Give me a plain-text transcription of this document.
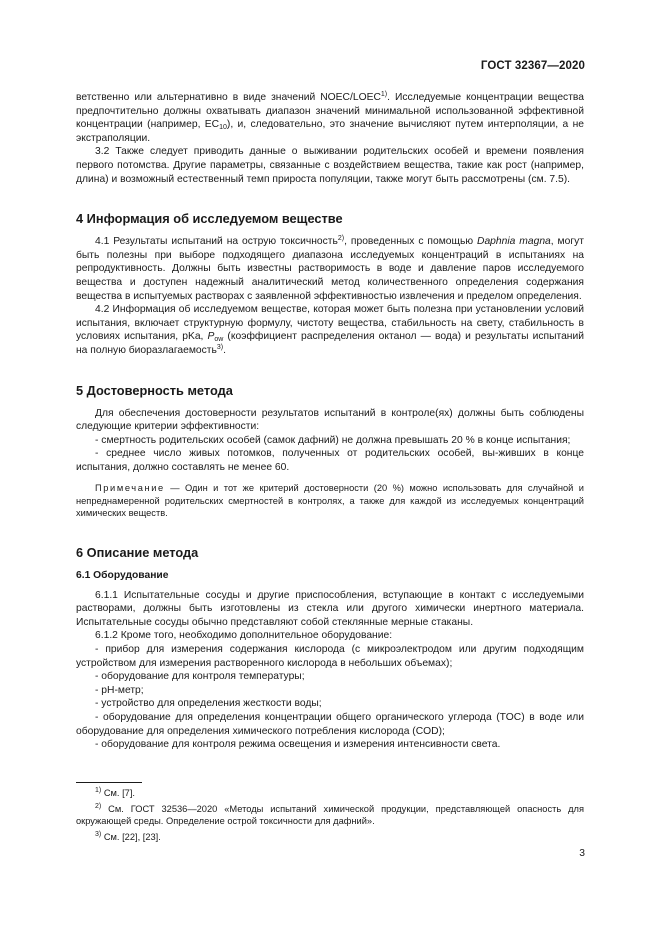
ГОСТ 32367—2020

ветственно или альтернативно в виде значений NOEC/LOEC$^{1)}$. Исследуемые концентрации вещества предпочтительно должны охватывать диапазон значений минимальной использованной эффективной концентрации (например, $EC_{10}$), и, следовательно, это значение вычисляют путем интерполяции, а не экстраполяции.

3.2 Также следует приводить данные о выживании родительских особей и времени появления первого потомства. Другие параметры, связанные с воздействием вещества, такие как рост (например, длина) и возможный естественный темп прироста популяции, также могут быть рассмотрены (см. 7.5).

4 Информация об исследуемом веществе

4.1 Результаты испытаний на острую токсичность$^{2)}$, проведенных с помощью Daphnia magna, могут быть полезны при выборе подходящего диапазона исследуемых концентраций в испытаниях на репродуктивность. Должны быть известны растворимость в воде и давление паров исследуемого вещества и доступен надежный аналитический метод количественного определения содержания вещества в испытуемых растворах с заявленной эффективностью извлечения и пределом определения.

4.2 Информация об исследуемом веществе, которая может быть полезна при установлении условий испытания, включает структурную формулу, чистоту вещества, стабильность на свету, стабильность в условиях испытания, pKa, $P_{ow}$ (коэффициент распределения октанол — вода) и результаты испытаний на полную биоразлагаемость$^{3)}$.

5 Достоверность метода

Для обеспечения достоверности результатов испытаний в контроле(ях) должны быть соблюдены следующие критерии эффективности:

- смертность родительских особей (самок дафний) не должна превышать 20 % в конце испытания;

- среднее число живых потомков, полученных от родительских особей, вы-живших в конце испытания, должно составлять не менее 60.

Примечание — Один и тот же критерий достоверности (20 %) можно использовать для случайной и непреднамеренной родительских смертностей в контролях, а также для каждой из исследуемых концентраций химических веществ.

6 Описание метода
6.1 Оборудование

6.1.1 Испытательные сосуды и другие приспособления, вступающие в контакт с исследуемыми растворами, должны быть изготовлены из стекла или другого химически инертного материала. Испытательные сосуды обычно представляют собой стеклянные мерные стаканы.

6.1.2 Кроме того, необходимо дополнительное оборудование:

- прибор для измерения содержания кислорода (с микроэлектродом или другим подходящим устройством для измерения растворенного кислорода в небольших объемах);

- оборудование для контроля температуры;

- pH-метр;

- устройство для определения жесткости воды;

- оборудование для определения концентрации общего органического углерода (TOC) в воде или оборудование для определения химического потребления кислорода (COD);

- оборудование для контроля режима освещения и измерения интенсивности света.

$^{1)}$ См. [7].

$^{2)}$ См. ГОСТ 32536—2020 «Методы испытаний химической продукции, представляющей опасность для окружающей среды. Определение острой токсичности для дафний».

$^{3)}$ См. [22], [23].

3
